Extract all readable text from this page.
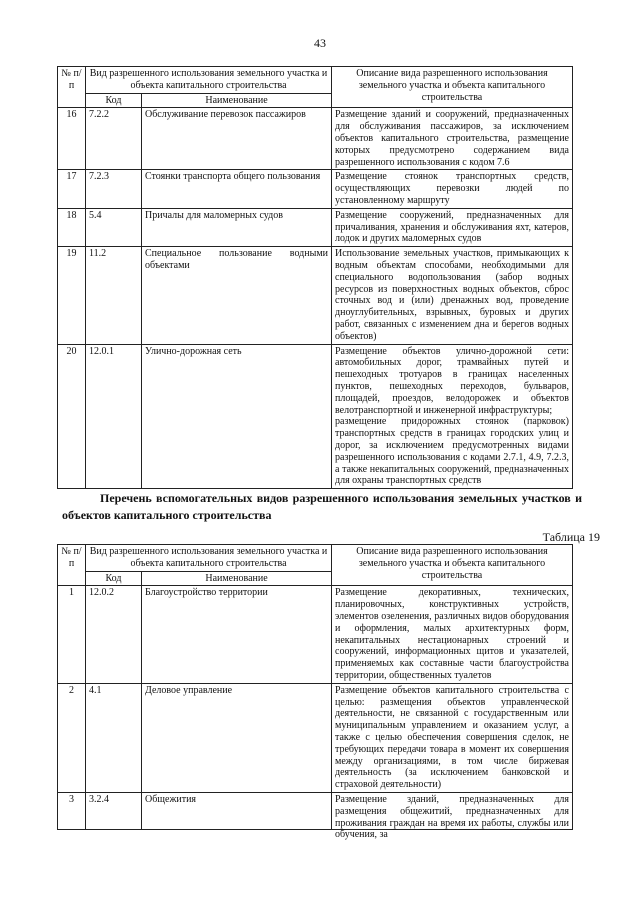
43
№ п/п	Вид разрешенного использования земельного участка и объекта капитального строительства		Описание вида разрешенного использования земельного участка и объекта капитального строительства
	Код	Наименование	
16	7.2.2	Обслуживание перевозок пассажиров	Размещение зданий и сооружений, предназначенных для обслуживания пассажиров, за исключением объектов капитального строительства, размещение которых предусмотрено содержанием вида разрешенного использования с кодом 7.6
17	7.2.3	Стоянки транспорта общего пользования	Размещение стоянок транспортных средств, осуществляющих перевозки людей по установленному маршруту
18	5.4	Причалы для маломерных судов	Размещение сооружений, предназначенных для причаливания, хранения и обслуживания яхт, катеров, лодок и других маломерных судов
19	11.2	Специальное пользование водными объектами	Использование земельных участков, примыкающих к водным объектам способами, необходимыми для специального водопользования (забор водных ресурсов из поверхностных водных объектов, сброс сточных вод и (или) дренажных вод, проведение дноуглубительных, взрывных, буровых и других работ, связанных с изменением дна и берегов водных объектов)
20	12.0.1	Улично-дорожная сеть	Размещение объектов улично-дорожной сети: автомобильных дорог, трамвайных путей и пешеходных тротуаров в границах населенных пунктов, пешеходных переходов, бульваров, площадей, проездов, велодорожек и объектов велотранспортной и инженерной инфраструктуры;
размещение придорожных стоянок (парковок) транспортных средств в границах городских улиц и дорог, за исключением предусмотренных видами разрешенного использования с кодами 2.7.1, 4.9, 7.2.3, а также некапитальных сооружений, предназначенных для охраны транспортных средств
Перечень вспомогательных видов разрешенного использования земельных участков и объектов капитального строительства
Таблица 19
№ п/п	Вид разрешенного использования земельного участка и объекта капитального строительства		Описание вида разрешенного использования земельного участка и объекта капитального строительства
	Код	Наименование	
1	12.0.2	Благоустройство территории	Размещение декоративных, технических, планировочных, конструктивных устройств, элементов озеленения, различных видов оборудования и оформления, малых архитектурных форм, некапитальных нестационарных строений и сооружений, информационных щитов и указателей, применяемых как составные части благоустройства территории, общественных туалетов
2	4.1	Деловое управление	Размещение объектов капитального строительства с целью: размещения объектов управленческой деятельности, не связанной с государственным или муниципальным управлением и оказанием услуг, а также с целью обеспечения совершения сделок, не требующих передачи товара в момент их совершения между организациями, в том числе биржевая деятельность (за исключением банковской и страховой деятельности)
3	3.2.4	Общежития	Размещение зданий, предназначенных для размещения общежитий, предназначенных для проживания граждан на время их работы, службы или обучения, за
